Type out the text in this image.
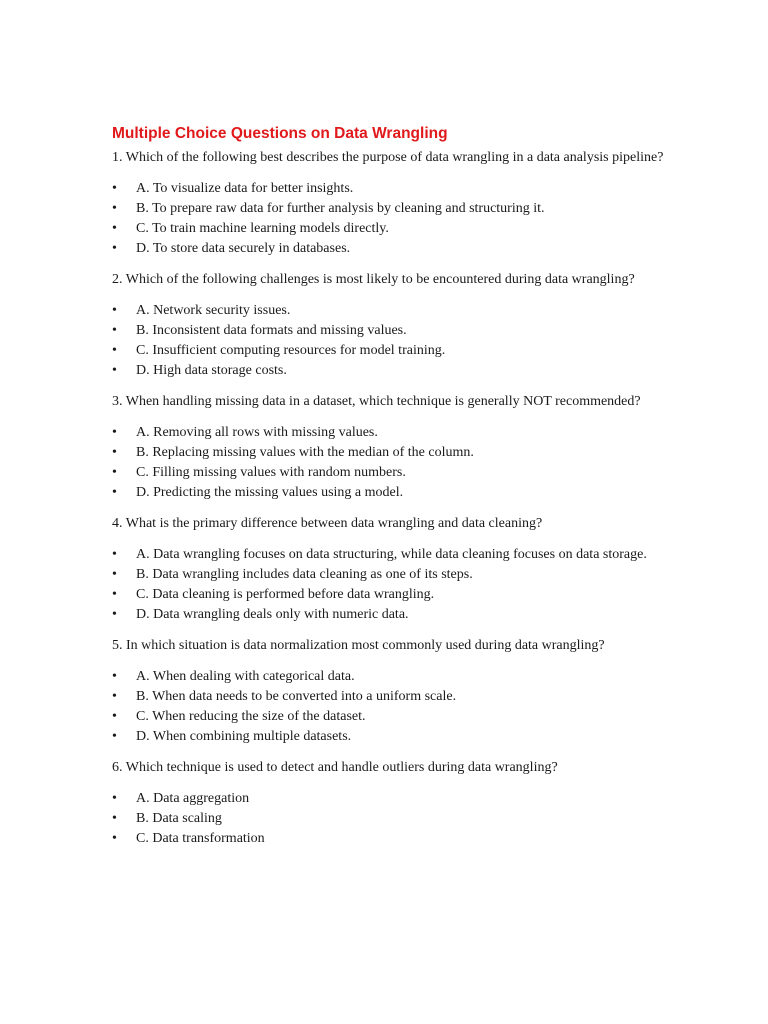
Multiple Choice Questions on Data Wrangling
1. Which of the following best describes the purpose of data wrangling in a data analysis pipeline?
•	A. To visualize data for better insights.
•	B. To prepare raw data for further analysis by cleaning and structuring it.
•	C. To train machine learning models directly.
•	D. To store data securely in databases.
2. Which of the following challenges is most likely to be encountered during data wrangling?
•	A. Network security issues.
•	B. Inconsistent data formats and missing values.
•	C. Insufficient computing resources for model training.
•	D. High data storage costs.
3. When handling missing data in a dataset, which technique is generally NOT recommended?
•	A. Removing all rows with missing values.
•	B. Replacing missing values with the median of the column.
•	C. Filling missing values with random numbers.
•	D. Predicting the missing values using a model.
4. What is the primary difference between data wrangling and data cleaning?
•	A. Data wrangling focuses on data structuring, while data cleaning focuses on data storage.
•	B. Data wrangling includes data cleaning as one of its steps.
•	C. Data cleaning is performed before data wrangling.
•	D. Data wrangling deals only with numeric data.
5. In which situation is data normalization most commonly used during data wrangling?
•	A. When dealing with categorical data.
•	B. When data needs to be converted into a uniform scale.
•	C. When reducing the size of the dataset.
•	D. When combining multiple datasets.
6. Which technique is used to detect and handle outliers during data wrangling?
•	A. Data aggregation
•	B. Data scaling
•	C. Data transformation
